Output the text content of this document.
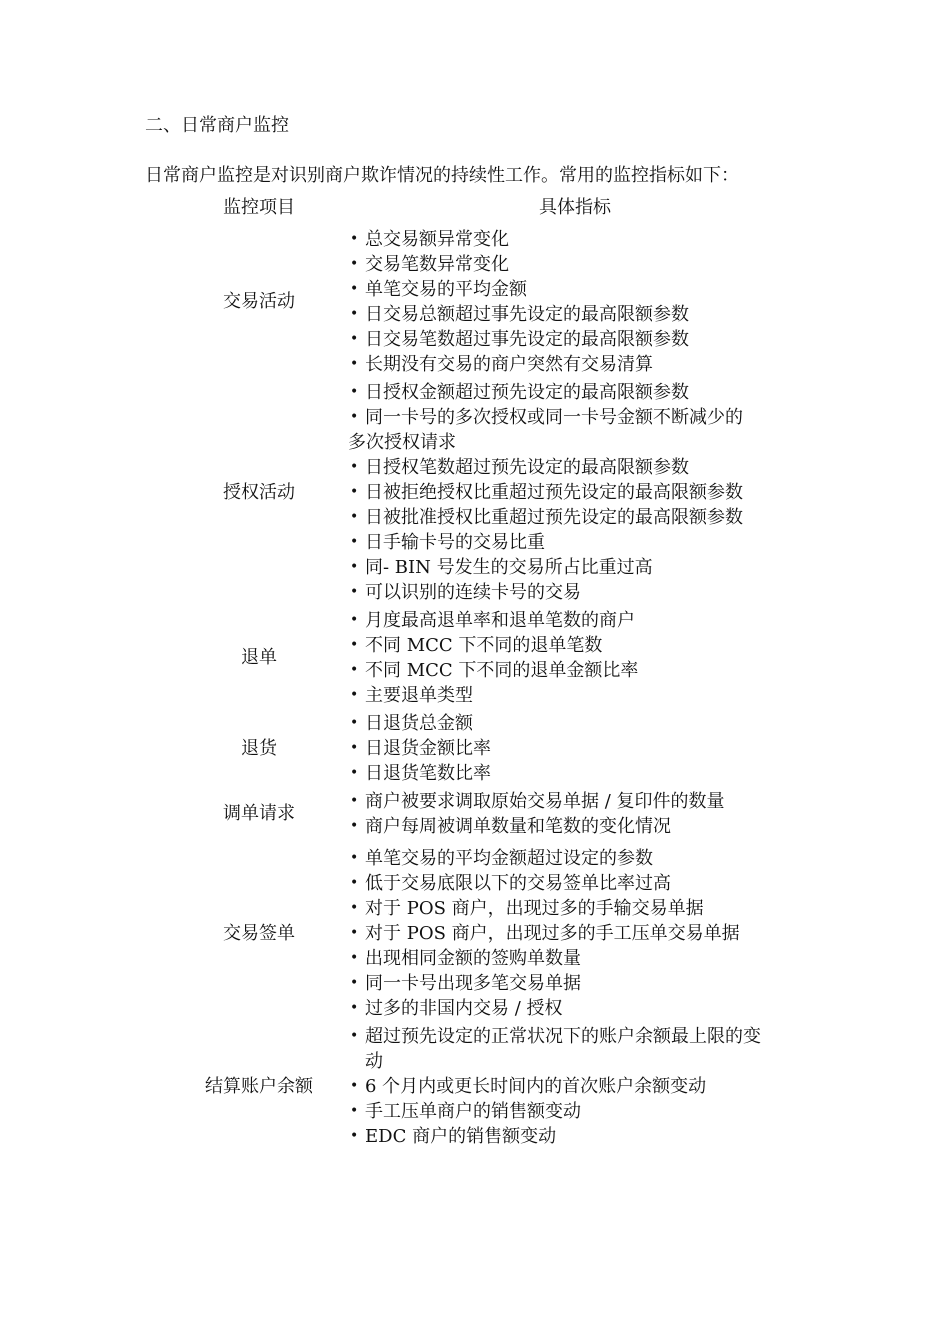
二、日常商户监控
日常商户监控是对识别商户欺诈情况的持续性工作。常用的监控指标如下：
监控项目	具体指标
交易活动
• 总交易额异常变化
• 交易笔数异常变化
• 单笔交易的平均金额
• 日交易总额超过事先设定的最高限额参数
• 日交易笔数超过事先设定的最高限额参数
• 长期没有交易的商户突然有交易清算
授权活动
• 日授权金额超过预先设定的最高限额参数
• 同一卡号的多次授权或同一卡号金额不断减少的
多次授权请求
• 日授权笔数超过预先设定的最高限额参数
• 日被拒绝授权比重超过预先设定的最高限额参数
• 日被批准授权比重超过预先设定的最高限额参数
• 日手输卡号的交易比重
• 同- BIN 号发生的交易所占比重过高
• 可以识别的连续卡号的交易
退单
• 月度最高退单率和退单笔数的商户
• 不同 MCC 下不同的退单笔数
• 不同 MCC 下不同的退单金额比率
• 主要退单类型
退货
• 日退货总金额
• 日退货金额比率
• 日退货笔数比率
调单请求
• 商户被要求调取原始交易单据 / 复印件的数量
• 商户每周被调单数量和笔数的变化情况
交易签单
• 单笔交易的平均金额超过设定的参数
• 低于交易底限以下的交易签单比率过高
• 对于 POS 商户，出现过多的手输交易单据
• 对于 POS 商户，出现过多的手工压单交易单据
• 出现相同金额的签购单数量
• 同一卡号出现多笔交易单据
• 过多的非国内交易 / 授权
结算账户余额
• 超过预先设定的正常状况下的账户余额最上限的变
动
• 6 个月内或更长时间内的首次账户余额变动
• 手工压单商户的销售额变动
• EDC 商户的销售额变动
